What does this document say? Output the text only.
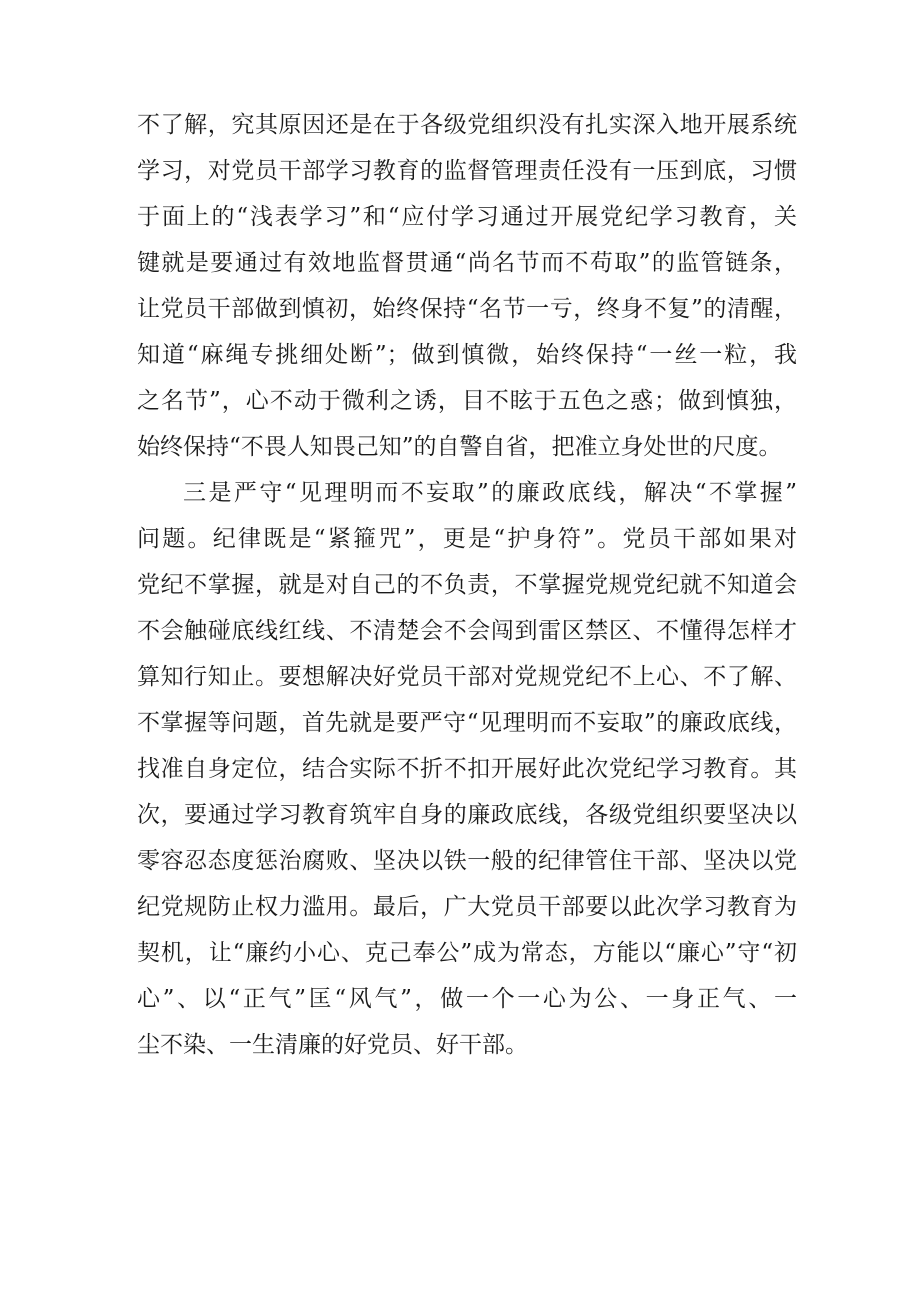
不了解，究其原因还是在于各级党组织没有扎实深入地开展系统
学习，对党员干部学习教育的监督管理责任没有一压到底，习惯
于面上的“浅表学习”和“应付学习通过开展党纪学习教育，关
键就是要通过有效地监督贯通“尚名节而不苟取”的监管链条，
让党员干部做到慎初，始终保持“名节一亏，终身不复”的清醒，
知道“麻绳专挑细处断”；做到慎微，始终保持“一丝一粒，我
之名节”，心不动于微利之诱，目不眩于五色之惑；做到慎独，
始终保持“不畏人知畏己知”的自警自省，把准立身处世的尺度。
三是严守“见理明而不妄取”的廉政底线，解决“不掌握”
问题。纪律既是“紧箍咒”，更是“护身符”。党员干部如果对
党纪不掌握，就是对自己的不负责，不掌握党规党纪就不知道会
不会触碰底线红线、不清楚会不会闯到雷区禁区、不懂得怎样才
算知行知止。要想解决好党员干部对党规党纪不上心、不了解、
不掌握等问题，首先就是要严守“见理明而不妄取”的廉政底线，
找准自身定位，结合实际不折不扣开展好此次党纪学习教育。其
次，要通过学习教育筑牢自身的廉政底线，各级党组织要坚决以
零容忍态度惩治腐败、坚决以铁一般的纪律管住干部、坚决以党
纪党规防止权力滥用。最后，广大党员干部要以此次学习教育为
契机，让“廉约小心、克己奉公”成为常态，方能以“廉心”守“初
心”、以“正气”匡“风气”，做一个一心为公、一身正气、一
尘不染、一生清廉的好党员、好干部。
